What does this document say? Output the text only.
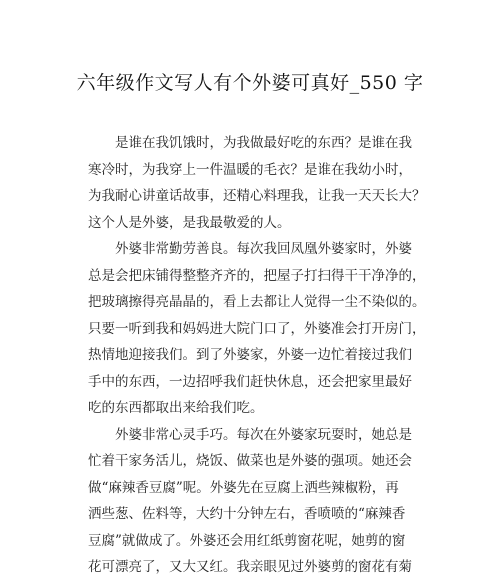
六年级作文写人有个外婆可真好_550 字
是谁在我饥饿时，为我做最好吃的东西？是谁在我
寒冷时，为我穿上一件温暖的毛衣？是谁在我幼小时，
为我耐心讲童话故事，还精心料理我，让我一天天长大？
这个人是外婆，是我最敬爱的人。
外婆非常勤劳善良。每次我回凤凰外婆家时，外婆
总是会把床铺得整整齐齐的，把屋子打扫得干干净净的，
把玻璃擦得亮晶晶的，看上去都让人觉得一尘不染似的。
只要一听到我和妈妈进大院门口了，外婆准会打开房门，
热情地迎接我们。到了外婆家，外婆一边忙着接过我们
手中的东西，一边招呼我们赶快休息，还会把家里最好
吃的东西都取出来给我们吃。
外婆非常心灵手巧。每次在外婆家玩耍时，她总是
忙着干家务活儿，烧饭、做菜也是外婆的强项。她还会
做“麻辣香豆腐”呢。外婆先在豆腐上洒些辣椒粉，再
洒些葱、佐料等，大约十分钟左右，香喷喷的“麻辣香
豆腐”就做成了。外婆还会用红纸剪窗花呢，她剪的窗
花可漂亮了，又大又红。我亲眼见过外婆剪的窗花有菊
